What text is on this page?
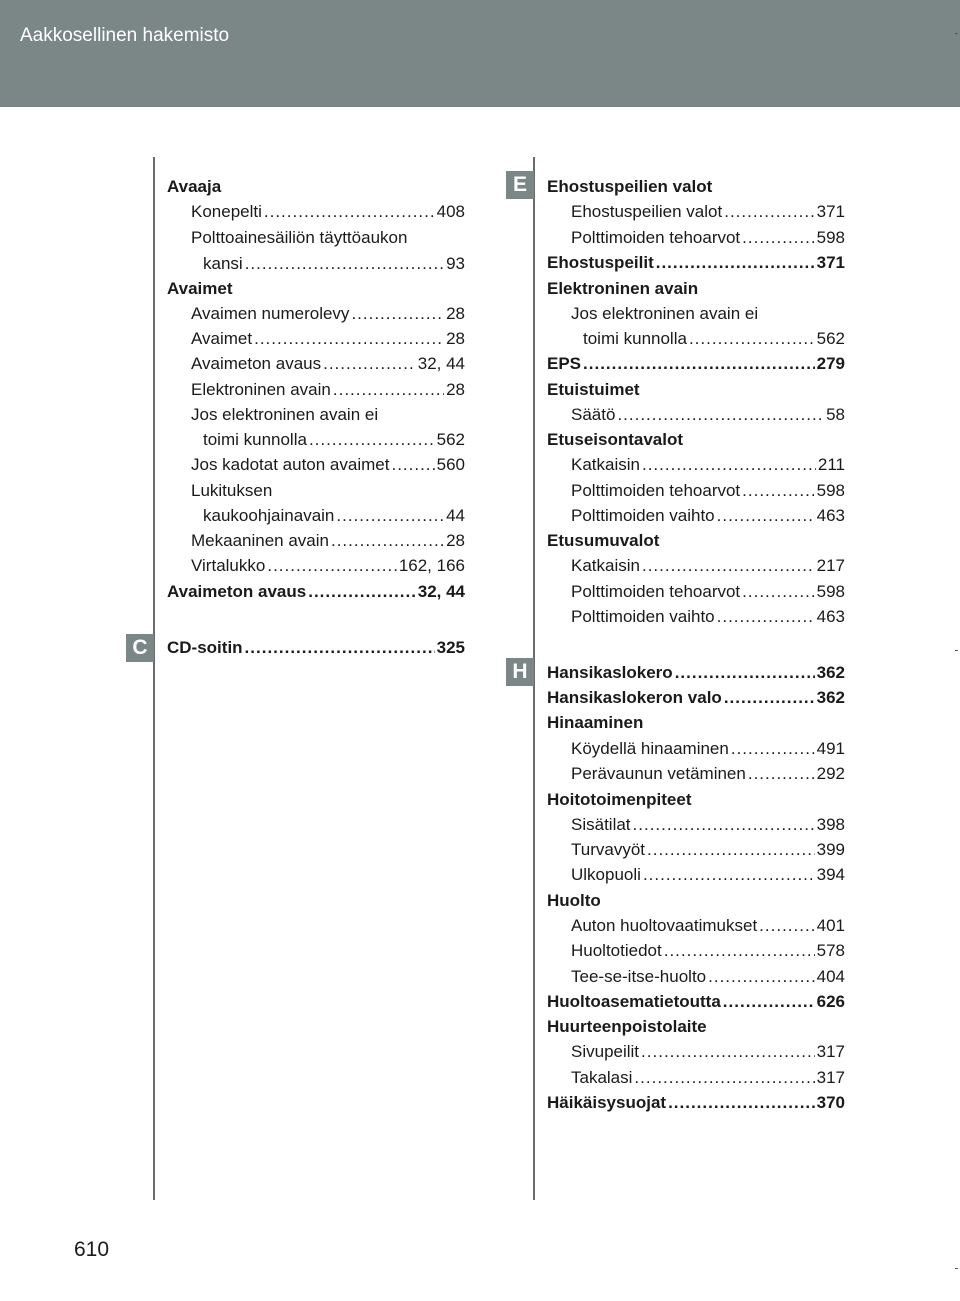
Aakkosellinen hakemisto
C
E
H
Avaaja
Konepelti .....	408
Polttoainesäiliön täyttöaukon
kansi .....	93
Avaimet
Avaimen numerolevy .....	28
Avaimet .....	28
Avaimeton avaus .....	32, 44
Elektroninen avain .....	28
Jos elektroninen avain ei
toimi kunnolla .....	562
Jos kadotat auton avaimet .....	560
Lukituksen
kaukoohjainavain .....	44
Mekaaninen avain .....	28
Virtalukko .....	162, 166
Avaimeton avaus .....	32, 44
CD-soitin .....	325
Ehostuspeilien valot
Ehostuspeilien valot .....	371
Polttimoiden tehoarvot .....	598
Ehostuspeilit .....	371
Elektroninen avain
Jos elektroninen avain ei
toimi kunnolla .....	562
EPS .....	279
Etuistuimet
Säätö .....	58
Etuseisontavalot
Katkaisin .....	211
Polttimoiden tehoarvot .....	598
Polttimoiden vaihto .....	463
Etusumuvalot
Katkaisin .....	217
Polttimoiden tehoarvot .....	598
Polttimoiden vaihto .....	463
Hansikaslokero .....	362
Hansikaslokeron valo .....	362
Hinaaminen
Köydellä hinaaminen .....	491
Perävaunun vetäminen .....	292
Hoitotoimenpiteet
Sisätilat .....	398
Turvavyöt .....	399
Ulkopuoli .....	394
Huolto
Auton huoltovaatimukset .....	401
Huoltotiedot .....	578
Tee-se-itse-huolto .....	404
Huoltoasematietoutta .....	626
Huurteenpoistolaite
Sivupeilit .....	317
Takalasi .....	317
Häikäisysuojat .....	370
610
